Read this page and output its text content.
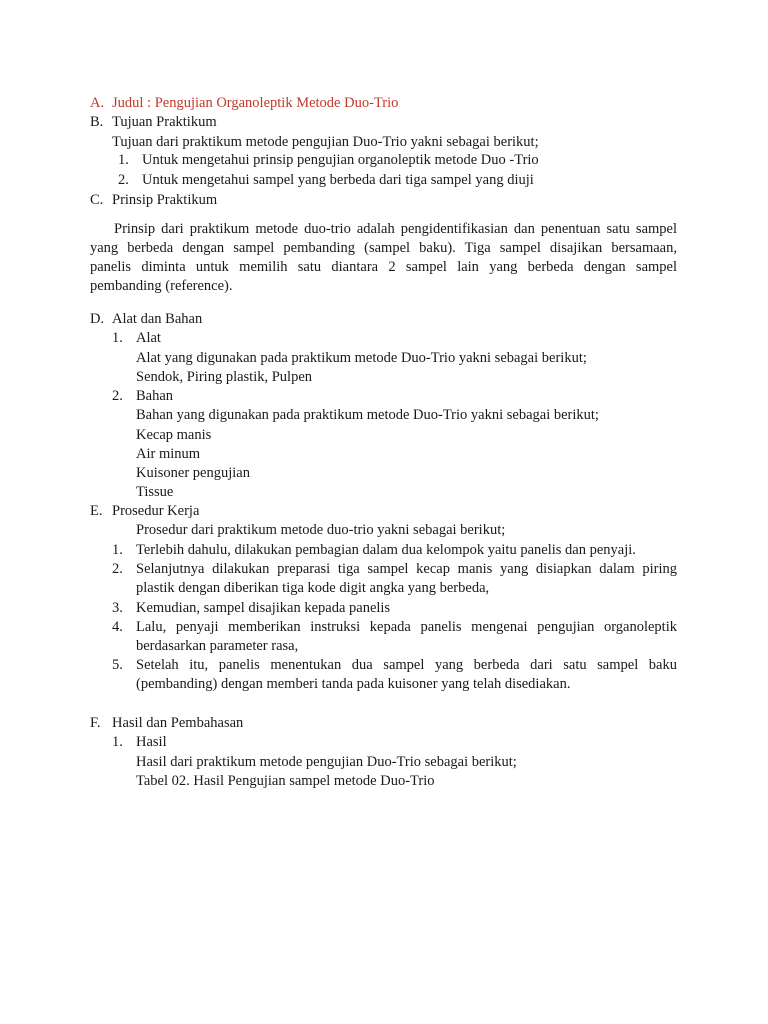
A. Judul : Pengujian Organoleptik Metode Duo-Trio
B. Tujuan Praktikum
Tujuan dari praktikum metode pengujian Duo-Trio yakni sebagai berikut;
1. Untuk mengetahui prinsip pengujian organoleptik metode Duo -Trio
2. Untuk mengetahui sampel yang berbeda dari tiga sampel yang diuji
C. Prinsip Praktikum
Prinsip dari praktikum metode duo-trio adalah pengidentifikasian dan penentuan satu sampel
yang berbeda dengan sampel pembanding (sampel baku). Tiga sampel disajikan bersamaan,
panelis diminta untuk memilih satu diantara 2 sampel lain yang berbeda dengan sampel
pembanding (reference).
D. Alat dan Bahan
1. Alat
Alat yang digunakan pada praktikum metode Duo-Trio yakni sebagai berikut;
Sendok, Piring plastik, Pulpen
2. Bahan
Bahan yang digunakan pada praktikum metode Duo-Trio yakni sebagai berikut;
Kecap manis
Air minum
Kuisoner pengujian
Tissue
E. Prosedur Kerja
Prosedur dari praktikum metode duo-trio yakni sebagai berikut;
1. Terlebih dahulu, dilakukan pembagian dalam dua kelompok yaitu panelis dan penyaji.
2. Selanjutnya dilakukan preparasi tiga sampel kecap manis yang disiapkan dalam piring
plastik dengan diberikan tiga kode digit angka yang berbeda,
3. Kemudian, sampel disajikan kepada panelis
4. Lalu, penyaji memberikan instruksi kepada panelis mengenai pengujian organoleptik
berdasarkan parameter rasa,
5. Setelah itu, panelis menentukan dua sampel yang berbeda dari satu sampel baku
(pembanding) dengan memberi tanda pada kuisoner yang telah disediakan.
F. Hasil dan Pembahasan
1. Hasil
Hasil dari praktikum metode pengujian Duo-Trio sebagai berikut;
Tabel 02. Hasil Pengujian sampel metode Duo-Trio
